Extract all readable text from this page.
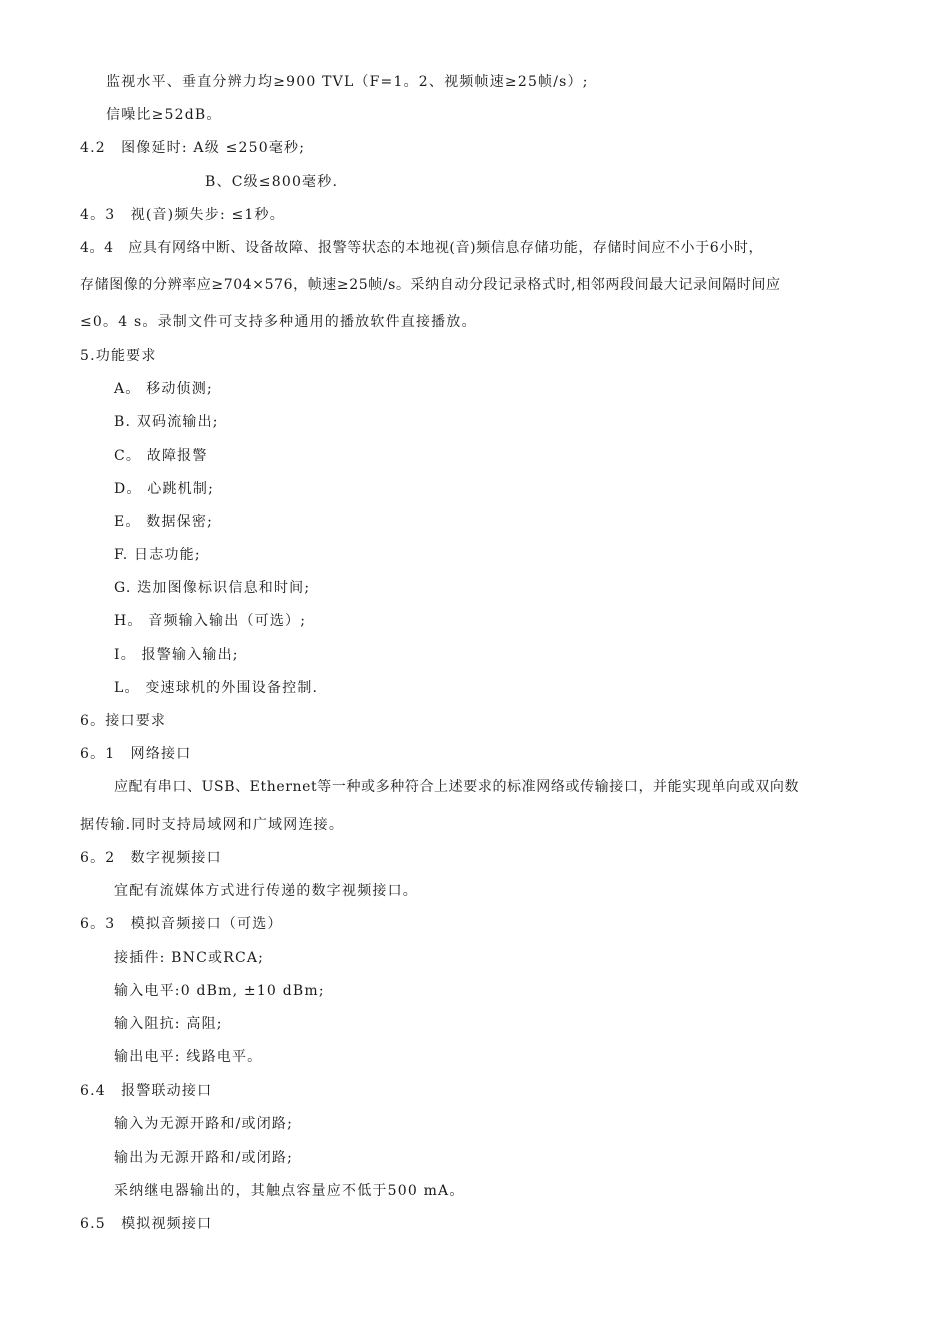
监视水平、垂直分辨力均≥900 TVL（F=1。2、视频帧速≥25帧/s）;
信噪比≥52dB。
4.2　图像延时: A级 ≤250毫秒;
B、C级≤800毫秒.
4。3　视(音)频失步: ≤1秒。
4。4　应具有网络中断、设备故障、报警等状态的本地视(音)频信息存储功能，存储时间应不小于6小时，
存储图像的分辨率应≥704×576，帧速≥25帧/s。采纳自动分段记录格式时,相邻两段间最大记录间隔时间应
≤0。4 s。录制文件可支持多种通用的播放软件直接播放。
5.功能要求
A。 移动侦测;
B. 双码流输出;
C。 故障报警
D。 心跳机制;
E。 数据保密;
F. 日志功能;
G. 迭加图像标识信息和时间;
H。 音频输入输出（可选）;
I。 报警输入输出;
L。 变速球机的外围设备控制.
6。接口要求
6。1　网络接口
应配有串口、USB、Ethernet等一种或多种符合上述要求的标准网络或传输接口，并能实现单向或双向数
据传输.同时支持局域网和广域网连接。
6。2　数字视频接口
宜配有流媒体方式进行传递的数字视频接口。
6。3　模拟音频接口（可选）
接插件: BNC或RCA;
输入电平:0 dBm, ±10 dBm;
输入阻抗: 高阻;
输出电平: 线路电平。
6.4　报警联动接口
输入为无源开路和/或闭路;
输出为无源开路和/或闭路;
采纳继电器输出的，其触点容量应不低于500 mA。
6.5　模拟视频接口
